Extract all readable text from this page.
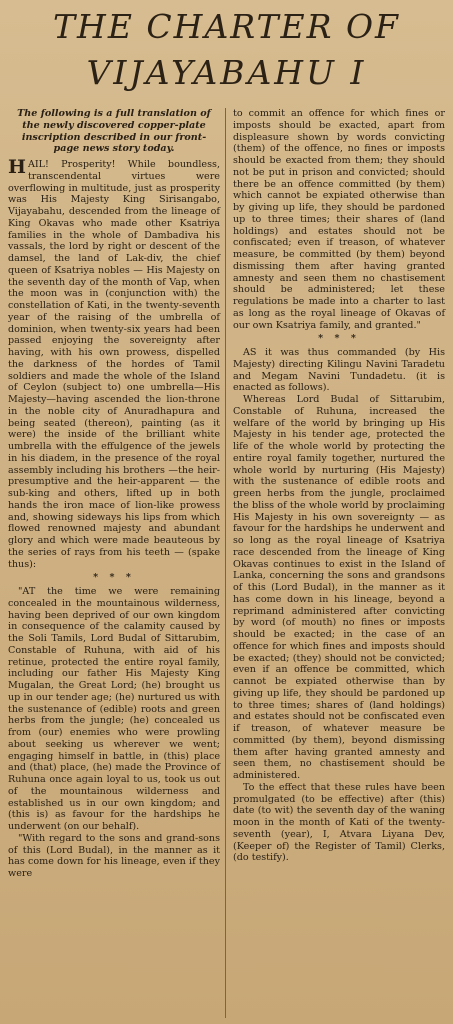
THE CHARTER OF
VIJAYABAHU I
The following is a full translation of the newly discovered copper-plate inscription described in our front-page news story today.

HAIL! Prosperity! While boundless, transcendental virtues were overflowing in multitude, just as prosperity was His Majesty King Sirisangabo, Vijayabahu, descended from the lineage of King Okavas who made other Ksatriya families in the whole of Dambadiva his vassals, the lord by right or descent of the damsel, the land of Lak-div, the chief queen of Ksatriya nobles — His Majesty on the seventh day of the month of Vap, when the moon was in (conjunction with) the constellation of Kati, in the twenty-seventh year of the raising of the umbrella of dominion, when twenty-six years had been passed enjoying the sovereignty after having, with his own prowess, dispelled the darkness of the hordes of Tamil soldiers and made the whole of the Island of Ceylon (subject to) one umbrella—His Majesty—having ascended the lion-throne in the noble city of Anuradhapura and being seated (thereon), painting (as it were) the inside of the brilliant white umbrella with the effulgence of the jewels in his diadem, in the presence of the royal assembly including his brothers —the heir-presumptive and the heir-apparent — the sub-king and others, lifted up in both hands the iron mace of lion-like prowess and, showing sideways his lips from which flowed renowned majesty and abundant glory and which were made beauteous by the series of rays from his teeth — (spake thus):

* * *

"AT the time we were remaining concealed in the mountainous wilderness, having been deprived of our own kingdom in consequence of the calamity caused by the Soli Tamils, Lord Budal of Sittarubim, Constable of Ruhuna, with aid of his retinue, protected the entire royal family, including our father His Majesty King Mugalan, the Great Lord; (he) brought us up in our tender age; (he) nurtured us with the sustenance of (edible) roots and green herbs from the jungle; (he) concealed us from (our) enemies who were prowling about seeking us wherever we went; engaging himself in battle, in (this) place and (that) place, (he) made the Province of Ruhuna once again loyal to us, took us out of the mountainous wilderness and established us in our own kingdom; and (this is) as favour for the hardships he underwent (on our behalf).

"With regard to the sons and grand-sons of this (Lord Budal), in the manner as it has come down for his lineage, even if they were

to commit an offence for which fines or imposts should be exacted, apart from displeasure shown by words convicting (them) of the offence, no fines or imposts should be exacted from them; they should not be put in prison and convicted; should there be an offence committed (by them) which cannot be expiated otherwise than by giving up life, they should be pardoned up to three times; their shares of (land holdings) and estates should not be confiscated; even if treason, of whatever measure, be committed (by them) beyond dismissing them after having granted amnesty and seen them no chastisement should be administered; let these regulations be made into a charter to last as long as the royal lineage of Okavas of our own Ksatriya family, and granted."

* * *

AS it was thus commanded (by His Majesty) directing Kilingu Navini Taradetu and Megam Navini Tundadetu. (it is enacted as follows).

Whereas Lord Budal of Sittarubim, Constable of Ruhuna, increased the welfare of the world by bringing up His Majesty in his tender age, protected the life of the whole world by protecting the entire royal family together, nurtured the whole world by nurturing (His Majesty) with the sustenance of edible roots and green herbs from the jungle, proclaimed the bliss of the whole world by proclaiming His Majesty in his own sovereignty — as favour for the hardships he underwent and so long as the royal lineage of Ksatriya race descended from the lineage of King Okavas continues to exist in the Island of Lanka, concerning the sons and grandsons of this (Lord Budal), in the manner as it has come down in his lineage, beyond a reprimand administered after convicting by word (of mouth) no fines or imposts should be exacted; in the case of an offence for which fines and imposts should be exacted; (they) should not be convicted; even if an offence be committed, which cannot be expiated otherwise than by giving up life, they should be pardoned up to three times; shares of (land holdings) and estates should not be confiscated even if treason, of whatever measure be committed (by them), beyond dismissing them after having granted amnesty and seen them, no chastisement should be administered.

To the effect that these rules have been promulgated (to be effective) after (this) date (to wit) the seventh day of the waning moon in the month of Kati of the twenty-seventh (year), I, Atvara Liyana Dev, (Keeper of) the Register of Tamil) Clerks, (do testify).
